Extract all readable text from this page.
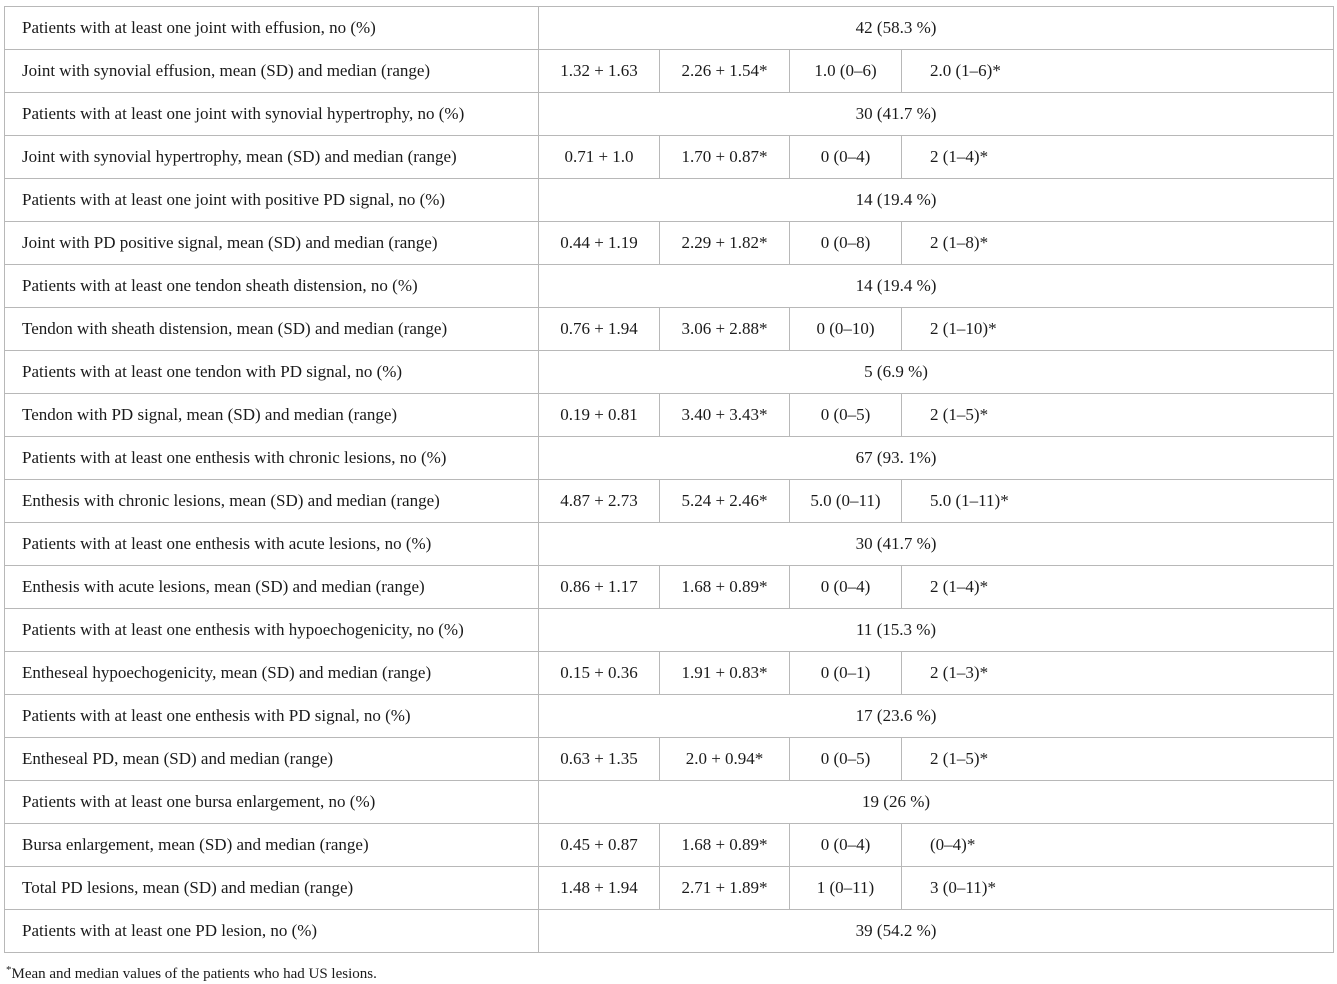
Patients with at least one joint with effusion, no (%)	42 (58.3 %)			
Joint with synovial effusion, mean (SD) and median (range)	1.32 + 1.63	2.26 + 1.54*	1.0 (0–6)	2.0 (1–6)*
Patients with at least one joint with synovial hypertrophy, no (%)	30 (41.7 %)			
Joint with synovial hypertrophy, mean (SD) and median (range)	0.71 + 1.0	1.70 + 0.87*	0 (0–4)	2 (1–4)*
Patients with at least one joint with positive PD signal, no (%)	14 (19.4 %)			
Joint with PD positive signal, mean (SD) and median (range)	0.44 + 1.19	2.29 + 1.82*	0 (0–8)	2 (1–8)*
Patients with at least one tendon sheath distension, no (%)	14 (19.4 %)			
Tendon with sheath distension, mean (SD) and median (range)	0.76 + 1.94	3.06 + 2.88*	0 (0–10)	2 (1–10)*
Patients with at least one tendon with PD signal, no (%)	5 (6.9 %)			
Tendon with PD signal, mean (SD) and median (range)	0.19 + 0.81	3.40 + 3.43*	0 (0–5)	2 (1–5)*
Patients with at least one enthesis with chronic lesions, no (%)	67 (93. 1%)			
Enthesis with chronic lesions, mean (SD) and median (range)	4.87 + 2.73	5.24 + 2.46*	5.0 (0–11)	5.0 (1–11)*
Patients with at least one enthesis with acute lesions, no (%)	30 (41.7 %)			
Enthesis with acute lesions, mean (SD) and median (range)	0.86 + 1.17	1.68 + 0.89*	0 (0–4)	2 (1–4)*
Patients with at least one enthesis with hypoechogenicity, no (%)	11 (15.3 %)			
Entheseal hypoechogenicity, mean (SD) and median (range)	0.15 + 0.36	1.91 + 0.83*	0 (0–1)	2 (1–3)*
Patients with at least one enthesis with PD signal, no (%)	17 (23.6 %)			
Entheseal PD, mean (SD) and median (range)	0.63 + 1.35	2.0 + 0.94*	0 (0–5)	2 (1–5)*
Patients with at least one bursa enlargement, no (%)	19 (26 %)			
Bursa enlargement, mean (SD) and median (range)	0.45 + 0.87	1.68 + 0.89*	0 (0–4)	(0–4)*
Total PD lesions, mean (SD) and median (range)	1.48 + 1.94	2.71 + 1.89*	1 (0–11)	3 (0–11)*
Patients with at least one PD lesion, no (%)	39 (54.2 %)			
*Mean and median values of the patients who had US lesions.
